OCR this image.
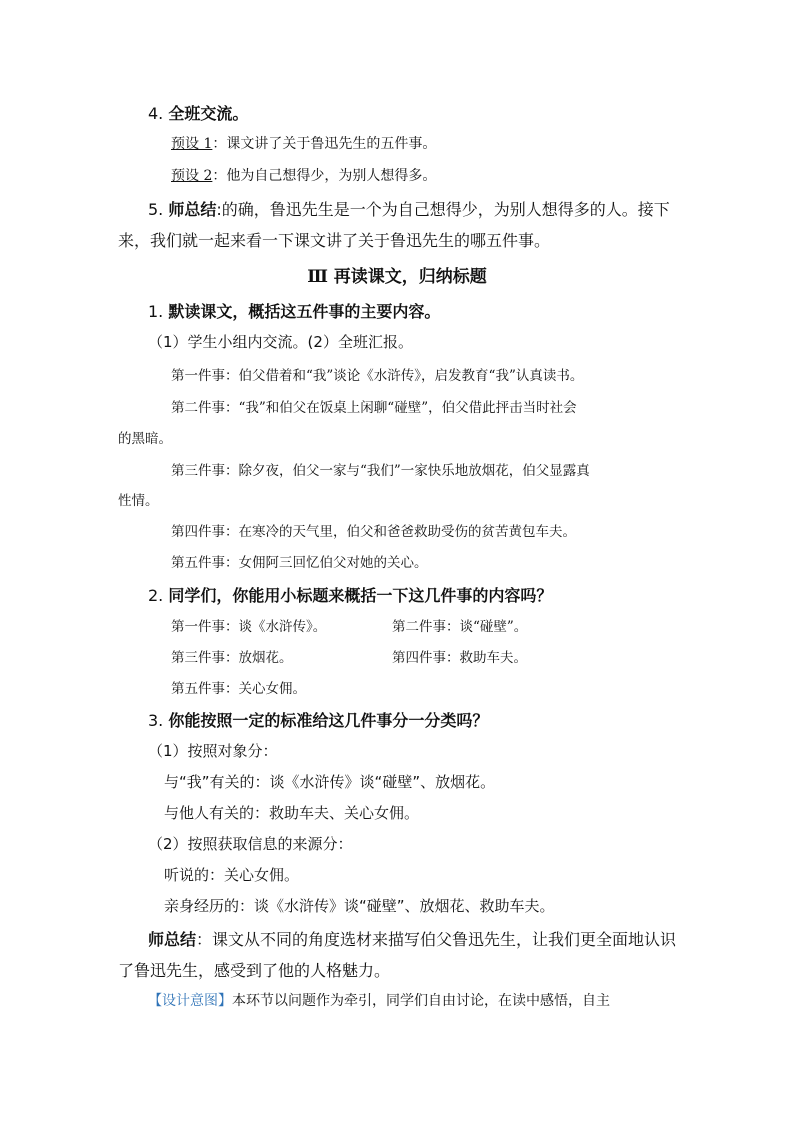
4. 全班交流。
预设 1：课文讲了关于鲁迅先生的五件事。
预设 2：他为自己想得少，为别人想得多。
5. 师总结:的确，鲁迅先生是一个为自己想得少，为别人想得多的人。接下
来，我们就一起来看一下课文讲了关于鲁迅先生的哪五件事。
Ⅲ 再读课文，归纳标题
1. 默读课文，概括这五件事的主要内容。
（1）学生小组内交流。(2）全班汇报。
第一件事：伯父借着和“我”谈论《水浒传》，启发教育“我”认真读书。
第二件事：“我”和伯父在饭桌上闲聊“碰壁”，伯父借此抨击当时社会
的黑暗。
第三件事：除夕夜，伯父一家与“我们”一家快乐地放烟花，伯父显露真
性情。
第四件事：在寒冷的天气里，伯父和爸爸救助受伤的贫苦黄包车夫。
第五件事：女佣阿三回忆伯父对她的关心。
2. 同学们，你能用小标题来概括一下这几件事的内容吗？
第一件事：谈《水浒传》。	第二件事：谈“碰壁”。
第三件事：放烟花。	第四件事：救助车夫。
第五件事：关心女佣。
3. 你能按照一定的标准给这几件事分一分类吗？
（1）按照对象分：
与“我”有关的：谈《水浒传》谈“碰壁”、放烟花。
与他人有关的：救助车夫、关心女佣。
（2）按照获取信息的来源分：
听说的：关心女佣。
亲身经历的：谈《水浒传》谈“碰壁”、放烟花、救助车夫。
师总结：课文从不同的角度选材来描写伯父鲁迅先生，让我们更全面地认识
了鲁迅先生，感受到了他的人格魅力。
【设计意图】本环节以问题作为牵引，同学们自由讨论，在读中感悟，自主
